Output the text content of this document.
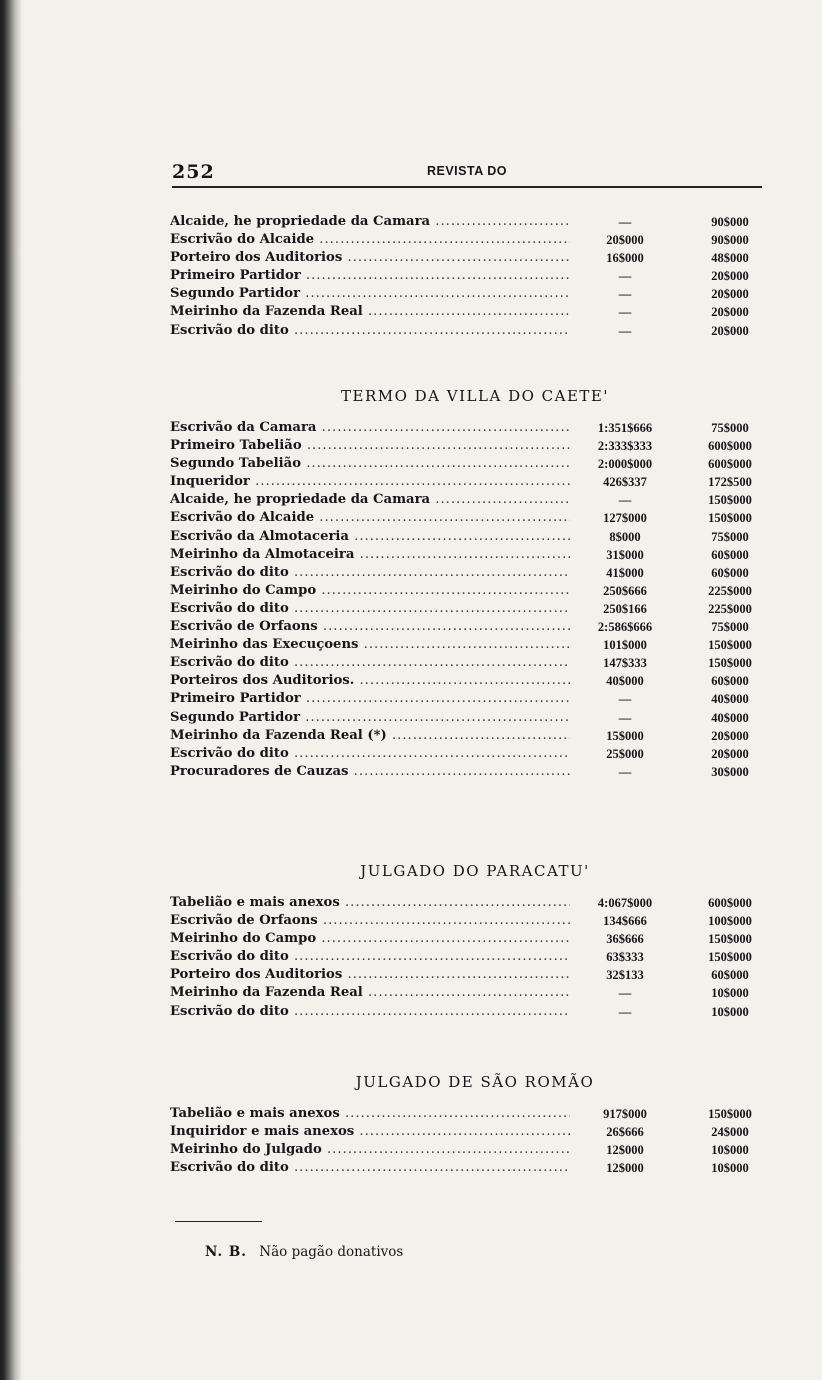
252	REVISTA DO
Alcaide, he propriedade da Camara .....	—	90$000
Escrivão do Alcaide .....	20$000	90$000
Porteiro dos Auditorios .....	16$000	48$000
Primeiro Partidor .....	—	20$000
Segundo Partidor .....	—	20$000
Meirinho da Fazenda Real .....	—	20$000
Escrivão do dito .....	—	20$000
TERMO DA VILLA DO CAETE'
Escrivão da Camara .....	1:351$666	75$000
Primeiro Tabelião .....	2:333$333	600$000
Segundo Tabelião .....	2:000$000	600$000
Inqueridor .....	426$337	172$500
Alcaide, he propriedade da Camara .....	—	150$000
Escrivão do Alcaide .....	127$000	150$000
Escrivão da Almotaceria .....	8$000	75$000
Meirinho da Almotaceira .....	31$000	60$000
Escrivão do dito .....	41$000	60$000
Meirinho do Campo .....	250$666	225$000
Escrivão do dito .....	250$166	225$000
Escrivão de Orfaons .....	2:586$666	75$000
Meirinho das Execuçoens .....	101$000	150$000
Escrivão do dito .....	147$333	150$000
Porteiros dos Auditorios. .....	40$000	60$000
Primeiro Partidor .....	—	40$000
Segundo Partidor .....	—	40$000
Meirinho da Fazenda Real (*) .....	15$000	20$000
Escrivão do dito .....	25$000	20$000
Procuradores de Cauzas .....	—	30$000
JULGADO DO PARACATU'
Tabelião e mais anexos .....	4:067$000	600$000
Escrivão de Orfaons .....	134$666	100$000
Meirinho do Campo .....	36$666	150$000
Escrivão do dito .....	63$333	150$000
Porteiro dos Auditorios .....	32$133	60$000
Meirinho da Fazenda Real .....	—	10$000
Escrivão do dito .....	—	10$000
JULGADO DE SÃO ROMÃO
Tabelião e mais anexos .....	917$000	150$000
Inquiridor e mais anexos .....	26$666	24$000
Meirinho do Julgado .....	12$000	10$000
Escrivão do dito .....	12$000	10$000
N. B. Não pagão donativos
